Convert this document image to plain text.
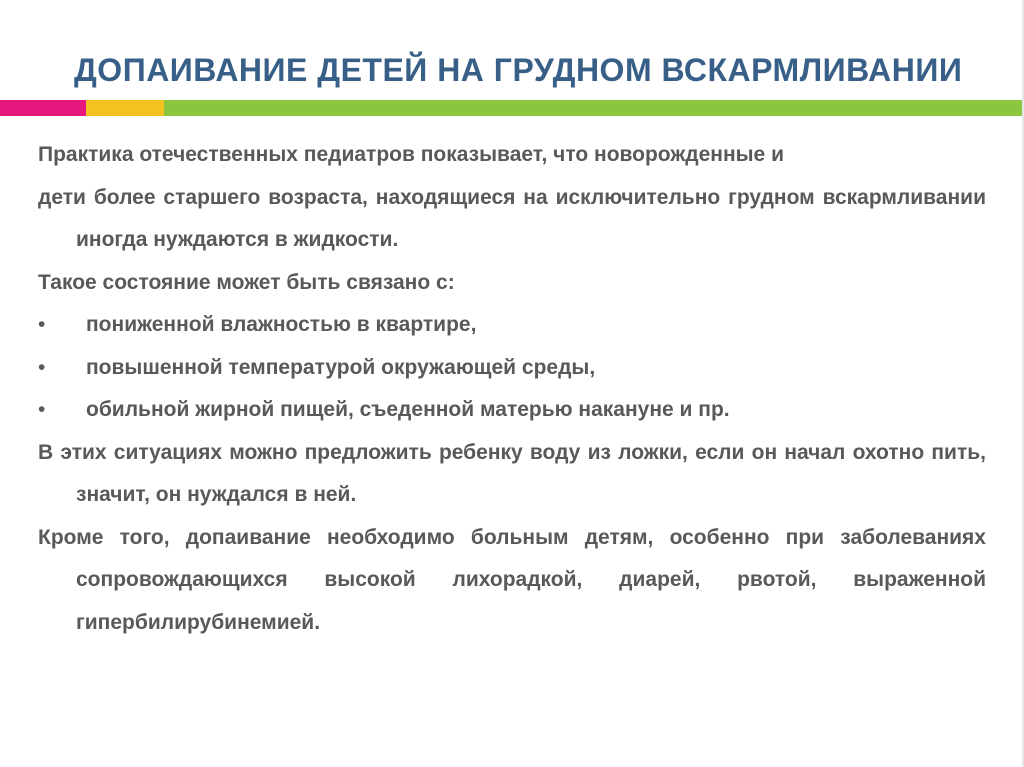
ДОПАИВАНИЕ ДЕТЕЙ НА ГРУДНОМ ВСКАРМЛИВАНИИ

Практика отечественных педиатров показывает, что новорожденные и

дети более старшего возраста, находящиеся на исключительно грудном вскармливании иногда нуждаются в жидкости.

Такое состояние может быть связано с:

•	пониженной влажностью в квартире,
•	повышенной температурой окружающей среды,
•	обильной жирной пищей, съеденной матерью накануне и пр.

В этих ситуациях можно предложить ребенку воду из ложки, если он начал охотно пить, значит, он нуждался в ней.

Кроме того, допаивание необходимо больным детям, особенно при заболеваниях сопровождающихся высокой лихорадкой, диарей, рвотой, выраженной гипербилирубинемией.
